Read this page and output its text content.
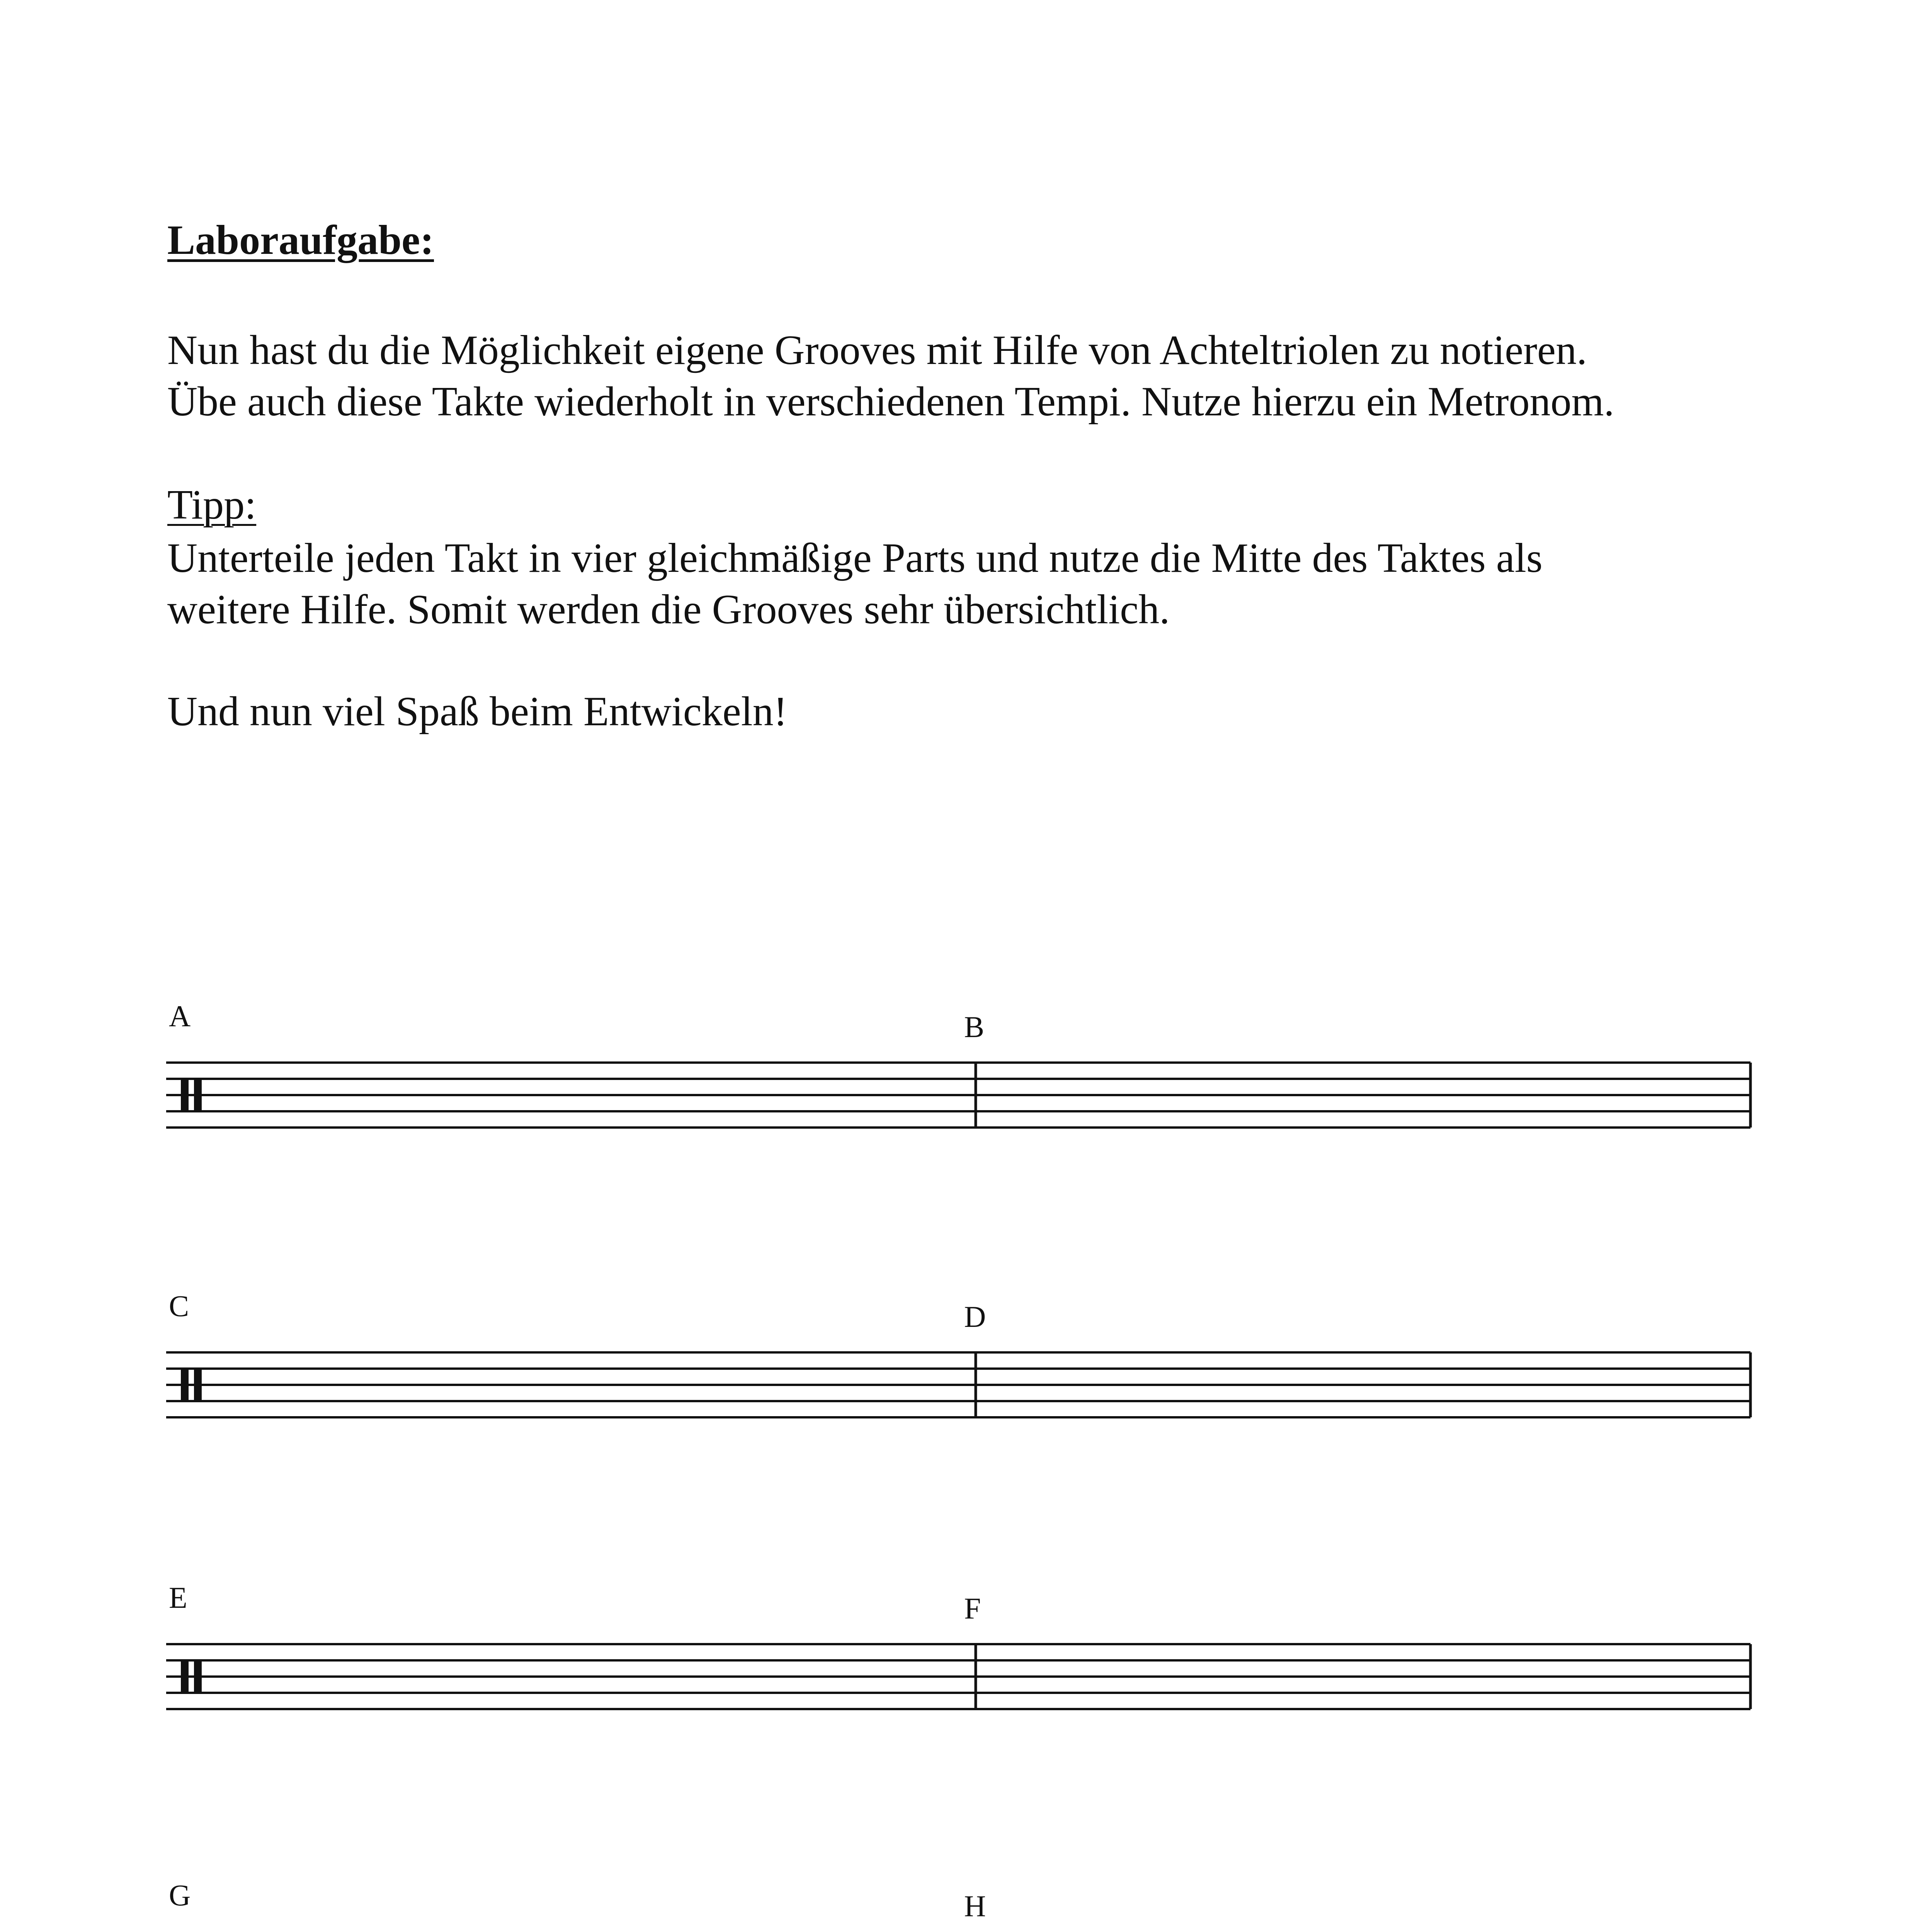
Laboraufgabe:
Nun hast du die Möglichkeit eigene Grooves mit Hilfe von Achteltriolen zu notieren.
Übe auch diese Takte wiederholt in verschiedenen Tempi. Nutze hierzu ein Metronom.
Tipp:
Unterteile jeden Takt in vier gleichmäßige Parts und nutze die Mitte des Taktes als
weitere Hilfe. Somit werden die Grooves sehr übersichtlich.
Und nun viel Spaß beim Entwickeln!
A	B
C	D
E	F
G	H
